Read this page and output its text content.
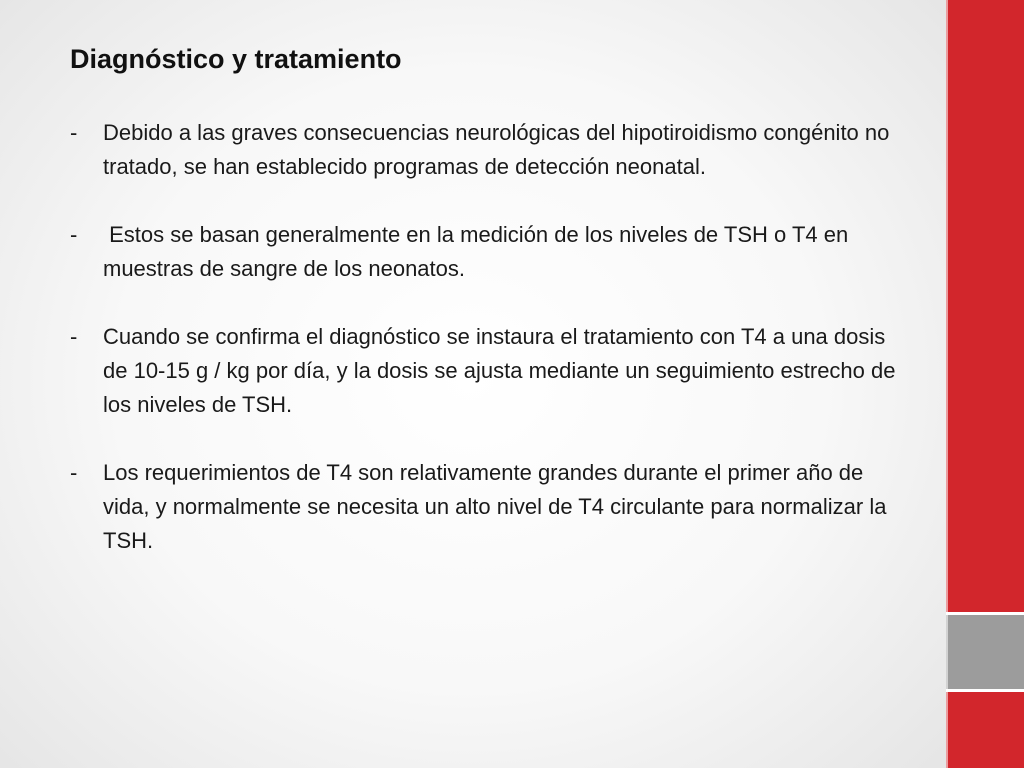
Diagnóstico y tratamiento
-	Debido a las graves consecuencias neurológicas del hipotiroidismo congénito no tratado, se han establecido programas de detección neonatal.
-	Estos se basan generalmente en la medición de los niveles de TSH o T4 en muestras de sangre de los neonatos.
-	Cuando se confirma el diagnóstico se instaura el tratamiento con T4 a una dosis de 10-15 g / kg por día, y la dosis se ajusta mediante un seguimiento estrecho de los niveles de TSH.
-	Los requerimientos de T4 son relativamente grandes durante el primer año de vida, y normalmente se necesita un alto nivel de T4 circulante para normalizar la TSH.
